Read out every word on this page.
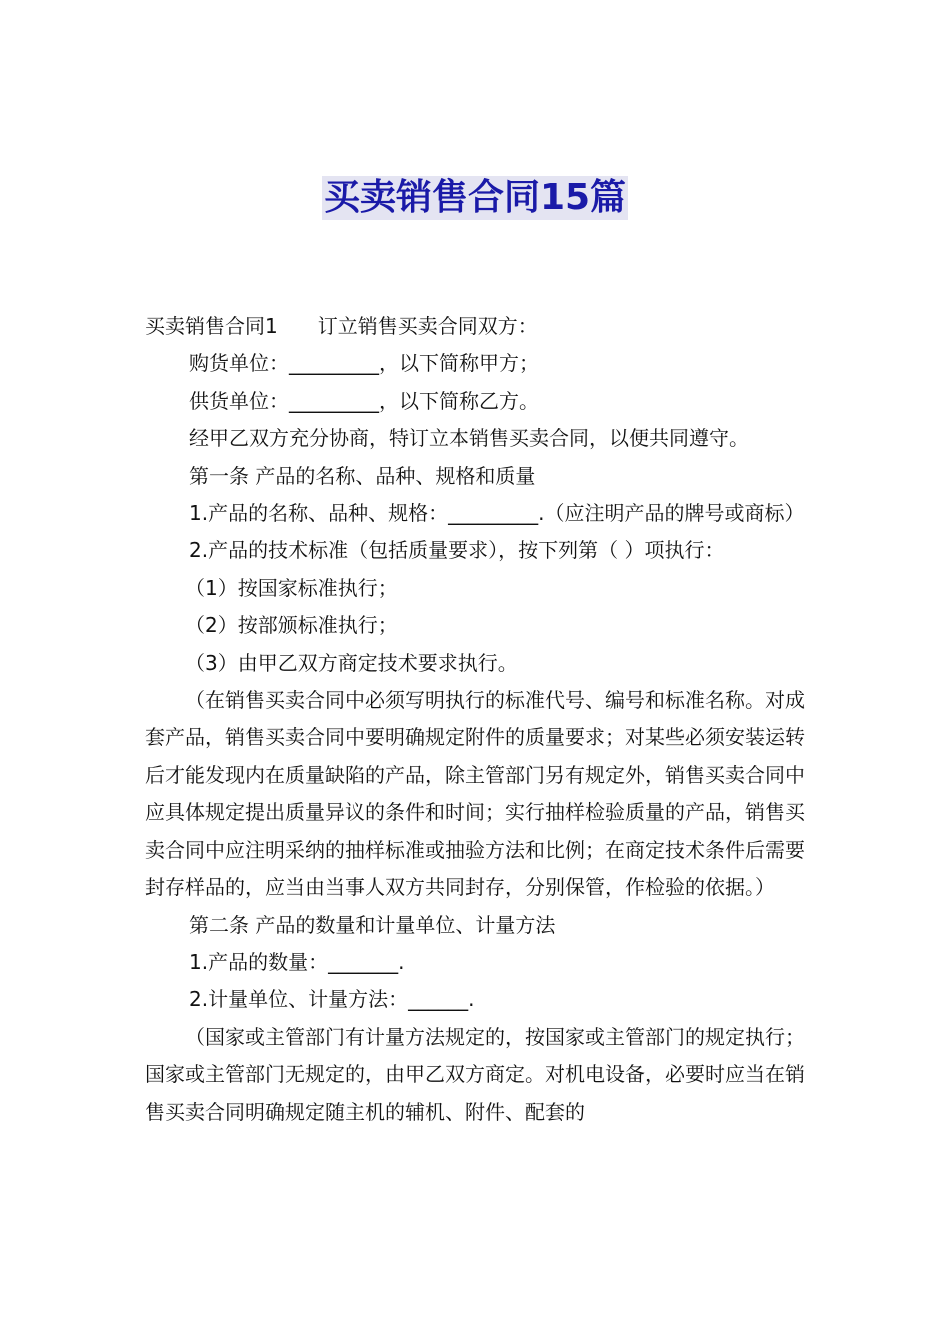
买卖销售合同15篇

买卖销售合同1　　订立销售买卖合同双方：

购货单位：_________，以下简称甲方；

供货单位：_________，以下简称乙方。

经甲乙双方充分协商，特订立本销售买卖合同，以便共同遵守。

第一条 产品的名称、品种、规格和质量

1.产品的名称、品种、规格：_________.（应注明产品的牌号或商标）

2.产品的技术标准（包括质量要求），按下列第（ ）项执行：

（1）按国家标准执行；

（2）按部颁标准执行；

（3）由甲乙双方商定技术要求执行。

（在销售买卖合同中必须写明执行的标准代号、编号和标准名称。对成套产品，销售买卖合同中要明确规定附件的质量要求；对某些必须安装运转后才能发现内在质量缺陷的产品，除主管部门另有规定外，销售买卖合同中应具体规定提出质量异议的条件和时间；实行抽样检验质量的产品，销售买卖合同中应注明采纳的抽样标准或抽验方法和比例；在商定技术条件后需要封存样品的，应当由当事人双方共同封存，分别保管，作检验的依据。）

第二条 产品的数量和计量单位、计量方法

1.产品的数量：_______.

2.计量单位、计量方法：______.

（国家或主管部门有计量方法规定的，按国家或主管部门的规定执行；国家或主管部门无规定的，由甲乙双方商定。对机电设备，必要时应当在销售买卖合同明确规定随主机的辅机、附件、配套的
